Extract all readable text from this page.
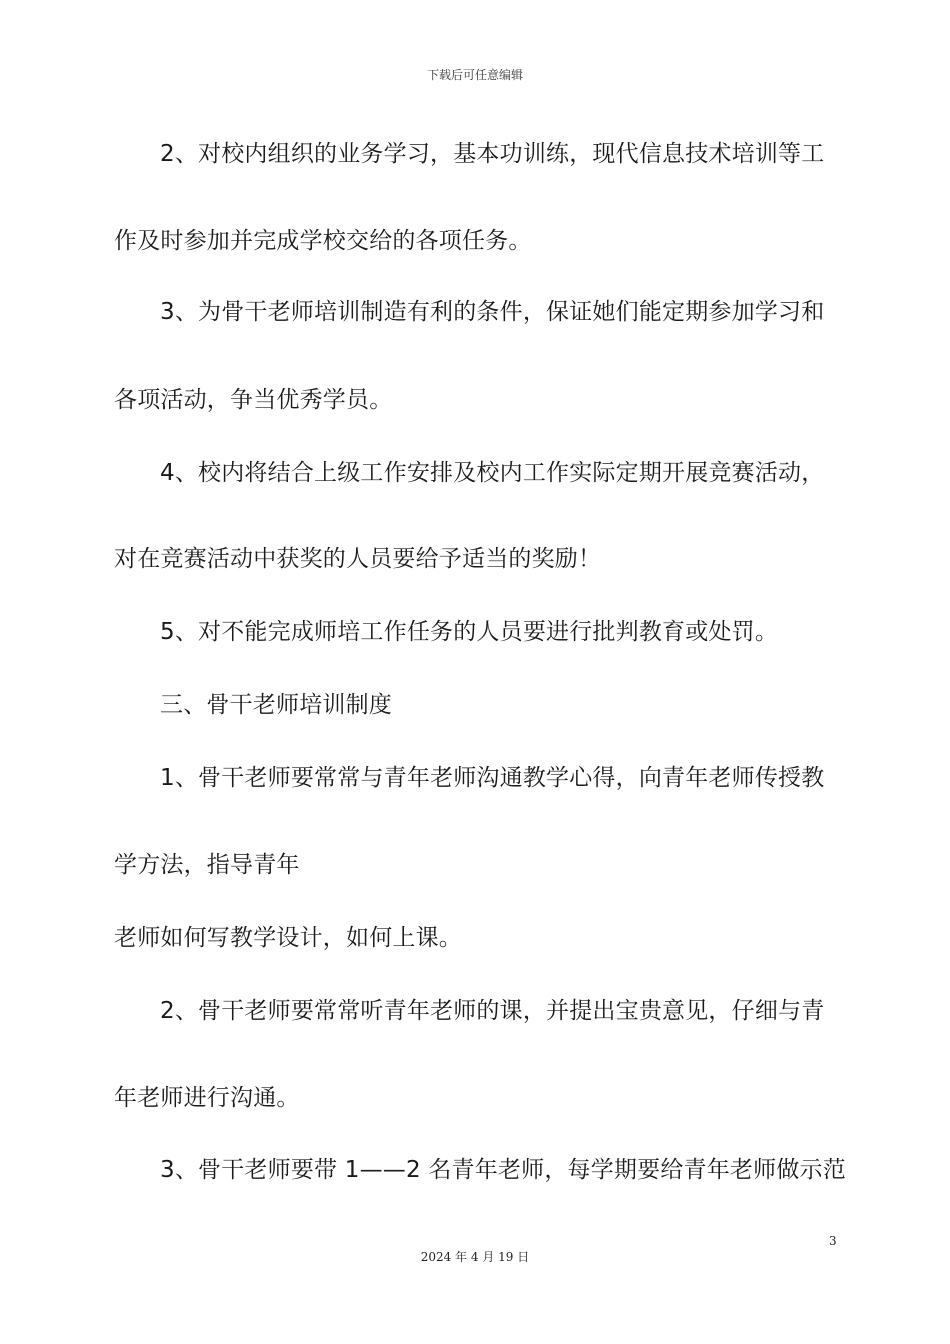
下载后可任意编辑
2、对校内组织的业务学习，基本功训练，现代信息技术培训等工
作及时参加并完成学校交给的各项任务。
3、为骨干老师培训制造有利的条件，保证她们能定期参加学习和
各项活动，争当优秀学员。
4、校内将结合上级工作安排及校内工作实际定期开展竞赛活动，
对在竞赛活动中获奖的人员要给予适当的奖励！
5、对不能完成师培工作任务的人员要进行批判教育或处罚。
三、骨干老师培训制度
1、骨干老师要常常与青年老师沟通教学心得，向青年老师传授教
学方法，指导青年
老师如何写教学设计，如何上课。
2、骨干老师要常常听青年老师的课，并提出宝贵意见，仔细与青
年老师进行沟通。
3、骨干老师要带 1——2 名青年老师，每学期要给青年老师做示范
3
2024 年 4 月 19 日
